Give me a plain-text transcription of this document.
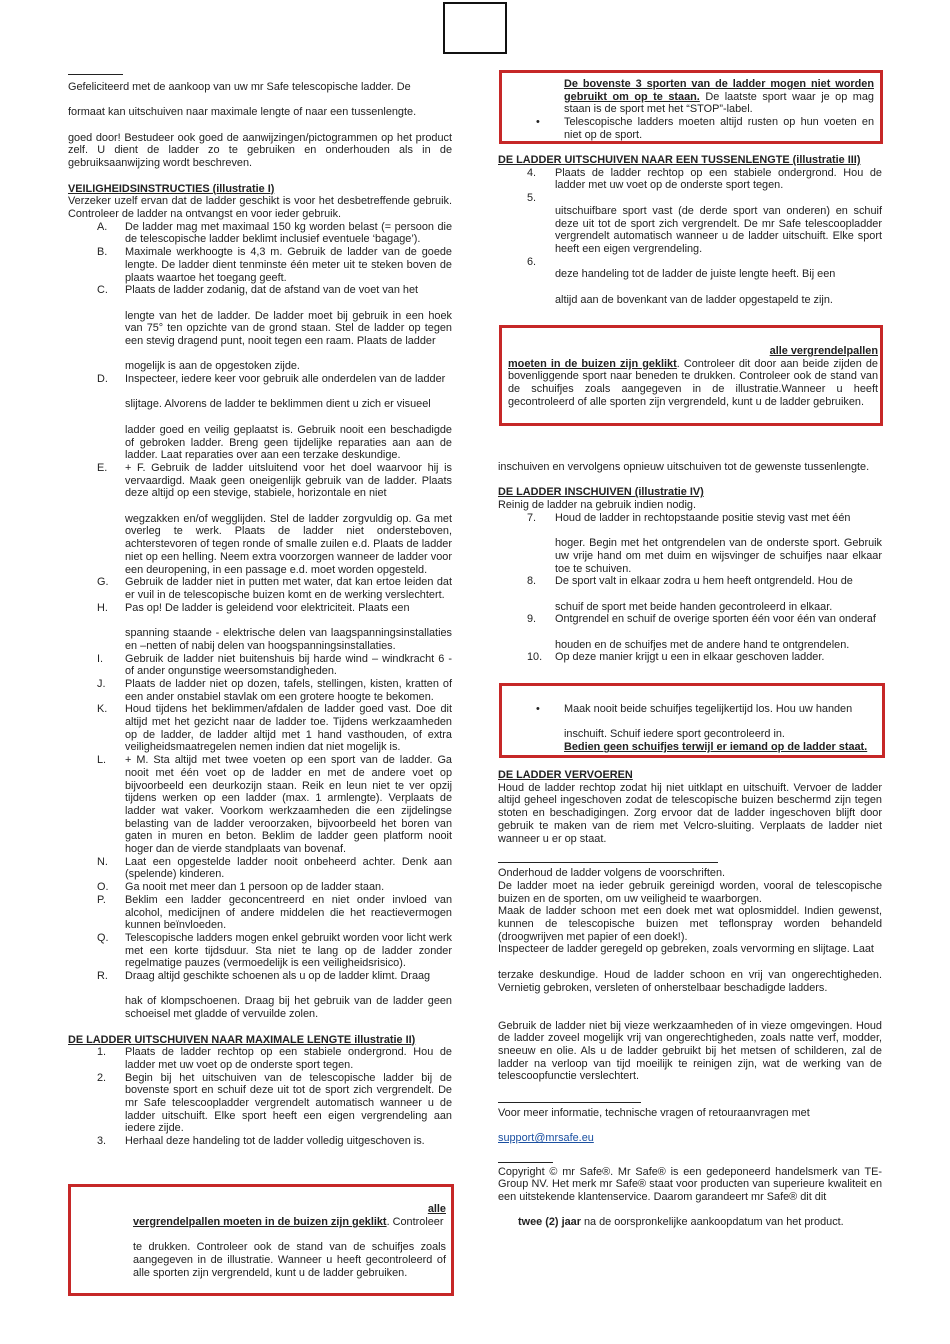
Gefeliciteerd met de aankoop van uw mr Safe telescopische ladder. De

formaat kan uitschuiven naar maximale lengte of naar een tussenlengte.

goed door! Bestudeer ook goed de aanwijzingen/pictogrammen op het product zelf. U dient de ladder zo te gebruiken en onderhouden als in de gebruiksaanwijzing wordt beschreven.

VEILIGHEIDSINSTRUCTIES (illustratie I)

Verzeker uzelf ervan dat de ladder geschikt is voor het desbetreffende gebruik. Controleer de ladder na ontvangst en voor ieder gebruik.

A. De ladder mag met maximaal 150 kg worden belast (= persoon die de telescopische ladder beklimt inclusief eventuele ‘bagage’).
B. Maximale werkhoogte is 4,3 m. Gebruik de ladder van de goede lengte. De ladder dient tenminste één meter uit te steken boven de plaats waartoe het toegang geeft.
C. Plaats de ladder zodanig, dat de afstand van de voet van het
lengte van het de ladder. De ladder moet bij gebruik in een hoek van 75° ten opzichte van de grond staan. Stel de ladder op tegen een stevig dragend punt, nooit tegen een raam. Plaats de ladder
mogelijk is aan de opgestoken zijde.
D. Inspecteer, iedere keer voor gebruik alle onderdelen van de ladder
slijtage. Alvorens de ladder te beklimmen dient u zich er visueel
ladder goed en veilig geplaatst is. Gebruik nooit een beschadigde of gebroken ladder. Breng geen tijdelijke reparaties aan aan de ladder. Laat reparaties over aan een terzake deskundige.
E. + F. Gebruik de ladder uitsluitend voor het doel waarvoor hij is vervaardigd. Maak geen oneigenlijk gebruik van de ladder. Plaats deze altijd op een stevige, stabiele, horizontale en niet
wegzakken en/of wegglijden. Stel de ladder zorgvuldig op. Ga met overleg te werk. Plaats de ladder niet ondersteboven, achterstevoren of tegen ronde of smalle zuilen e.d. Plaats de ladder niet op een helling. Neem extra voorzorgen wanneer de ladder voor een deuropening, in een passage e.d. moet worden opgesteld.
G. Gebruik de ladder niet in putten met water, dat kan ertoe leiden dat er vuil in de telescopische buizen komt en de werking verslechtert.
H. Pas op! De ladder is geleidend voor elektriciteit. Plaats een
spanning staande - elektrische delen van laagspanningsinstallaties en –netten of nabij delen van hoogspanningsinstallaties.
I. Gebruik de ladder niet buitenshuis bij harde wind – windkracht 6 - of ander ongunstige weersomstandigheden.
J. Plaats de ladder niet op dozen, tafels, stellingen, kisten, kratten of een ander onstabiel stavlak om een grotere hoogte te bekomen.
K. Houd tijdens het beklimmen/afdalen de ladder goed vast. Doe dit altijd met het gezicht naar de ladder toe. Tijdens werkzaamheden op de ladder, de ladder altijd met 1 hand vasthouden, of extra veiligheidsmaatregelen nemen indien dat niet mogelijk is.
L. + M. Sta altijd met twee voeten op een sport van de ladder. Ga nooit met één voet op de ladder en met de andere voet op bijvoorbeeld een deurkozijn staan. Reik en leun niet te ver opzij tijdens werken op een ladder (max. 1 armlengte). Verplaats de ladder wat vaker. Voorkom werkzaamheden die een zijdelingse belasting van de ladder veroorzaken, bijvoorbeeld het boren van gaten in muren en beton. Beklim de ladder geen platform nooit hoger dan de vierde standplaats van bovenaf.
N. Laat een opgestelde ladder nooit onbeheerd achter. Denk aan (spelende) kinderen.
O. Ga nooit met meer dan 1 persoon op de ladder staan.
P. Beklim een ladder geconcentreerd en niet onder invloed van alcohol, medicijnen of andere middelen die het reactievermogen kunnen beïnvloeden.
Q. Telescopische ladders mogen enkel gebruikt worden voor licht werk met een korte tijdsduur. Sta niet te lang op de ladder zonder regelmatige pauzes (vermoedelijk is een veiligheidsrisico).
R. Draag altijd geschikte schoenen als u op de ladder klimt. Draag
hak of klompschoenen. Draag bij het gebruik van de ladder geen schoeisel met gladde of vervuilde zolen.

DE LADDER UITSCHUIVEN NAAR MAXIMALE LENGTE illustratie II)

1. Plaats de ladder rechtop op een stabiele ondergrond. Hou de ladder met uw voet op de onderste sport tegen.
2. Begin bij het uitschuiven van de telescopische ladder bij de bovenste sport en schuif deze uit tot de sport zich vergrendelt. De mr Safe telescoopladder vergrendelt automatisch wanneer u de ladder uitschuift. Elke sport heeft een eigen vergrendeling aan iedere zijde.
3. Herhaal deze handeling tot de ladder volledig uitgeschoven is.

alle

vergrendelpallen moeten in de buizen zijn geklikt. Controleer

te drukken. Controleer ook de stand van de schuifjes zoals aangegeven in de illustratie. Wanneer u heeft gecontroleerd of alle sporten zijn vergrendeld, kunt u de ladder gebruiken.

De bovenste 3 sporten van de ladder mogen niet worden gebruikt om op te staan. De laatste sport waar je op mag staan is de sport met het “STOP”-label.

• Telescopische ladders moeten altijd rusten op hun voeten en niet op de sport.

DE LADDER UITSCHUIVEN NAAR EEN TUSSENLENGTE (illustratie III)

4. Plaats de ladder rechtop op een stabiele ondergrond. Hou de ladder met uw voet op de onderste sport tegen.
5.
uitschuifbare sport vast (de derde sport van onderen) en schuif deze uit tot de sport zich vergrendelt. De mr Safe telescoopladder vergrendelt automatisch wanneer u de ladder uitschuift. Elke sport heeft een eigen vergrendeling.
6.
deze handeling tot de ladder de juiste lengte heeft. Bij een
altijd aan de bovenkant van de ladder opgestapeld te zijn.

alle vergrendelpallen

moeten in de buizen zijn geklikt. Controleer dit door aan beide zijden de bovenliggende sport naar beneden te drukken. Controleer ook de stand van de schuifjes zoals aangegeven in de illustratie.Wanneer u heeft gecontroleerd of alle sporten zijn vergrendeld, kunt u de ladder gebruiken.

inschuiven en vervolgens opnieuw uitschuiven tot de gewenste tussenlengte.

DE LADDER INSCHUIVEN (illustratie IV)

Reinig de ladder na gebruik indien nodig.

7. Houd de ladder in rechtopstaande positie stevig vast met één
hoger. Begin met het ontgrendelen van de onderste sport. Gebruik uw vrije hand om met duim en wijsvinger de schuifjes naar elkaar toe te schuiven.
8. De sport valt in elkaar zodra u hem heeft ontgrendeld. Hou de
schuif de sport met beide handen gecontroleerd in elkaar.
9. Ontgrendel en schuif de overige sporten één voor één van onderaf
houden en de schuifjes met de andere hand te ontgrendelen.
10. Op deze manier krijgt u een in elkaar geschoven ladder.
• Maak nooit beide schuifjes tegelijkertijd los. Hou uw handen

inschuift. Schuif iedere sport gecontroleerd in.

Bedien geen schuifjes terwijl er iemand op de ladder staat.

DE LADDER VERVOEREN

Houd de ladder rechtop zodat hij niet uitklapt en uitschuift. Vervoer de ladder altijd geheel ingeschoven zodat de telescopische buizen beschermd zijn tegen stoten en beschadigingen. Zorg ervoor dat de ladder ingeschoven blijft door gebruik te maken van de riem met Velcro-sluiting. Verplaats de ladder niet wanneer u er op staat.

Onderhoud de ladder volgens de voorschriften.

De ladder moet na ieder gebruik gereinigd worden, vooral de telescopische buizen en de sporten, om uw veiligheid te waarborgen.

Maak de ladder schoon met een doek met wat oplosmiddel. Indien gewenst, kunnen de telescopische buizen met teflonspray worden behandeld (droogwrijven met papier of een doek!).

Inspecteer de ladder geregeld op gebreken, zoals vervorming en slijtage. Laat

terzake deskundige. Houd de ladder schoon en vrij van ongerechtigheden. Vernietig gebroken, versleten of onherstelbaar beschadigde ladders.

Gebruik de ladder niet bij vieze werkzaamheden of in vieze omgevingen. Houd de ladder zoveel mogelijk vrij van ongerechtigheden, zoals natte verf, modder, sneeuw en olie. Als u de ladder gebruikt bij het metsen of schilderen, zal de ladder na verloop van tijd moeilijk te reinigen zijn, wat de werking van de telescoopfunctie verslechtert.

Voor meer informatie, technische vragen of retouraanvragen met

support@mrsafe.eu

Copyright © mr Safe®. Mr Safe® is een gedeponeerd handelsmerk van TE-Group NV. Het merk mr Safe® staat voor producten van superieure kwaliteit en een uitstekende klantenservice. Daarom garandeert mr Safe® dit dit

twee (2) jaar na de oorspronkelijke aankoopdatum van het product.
